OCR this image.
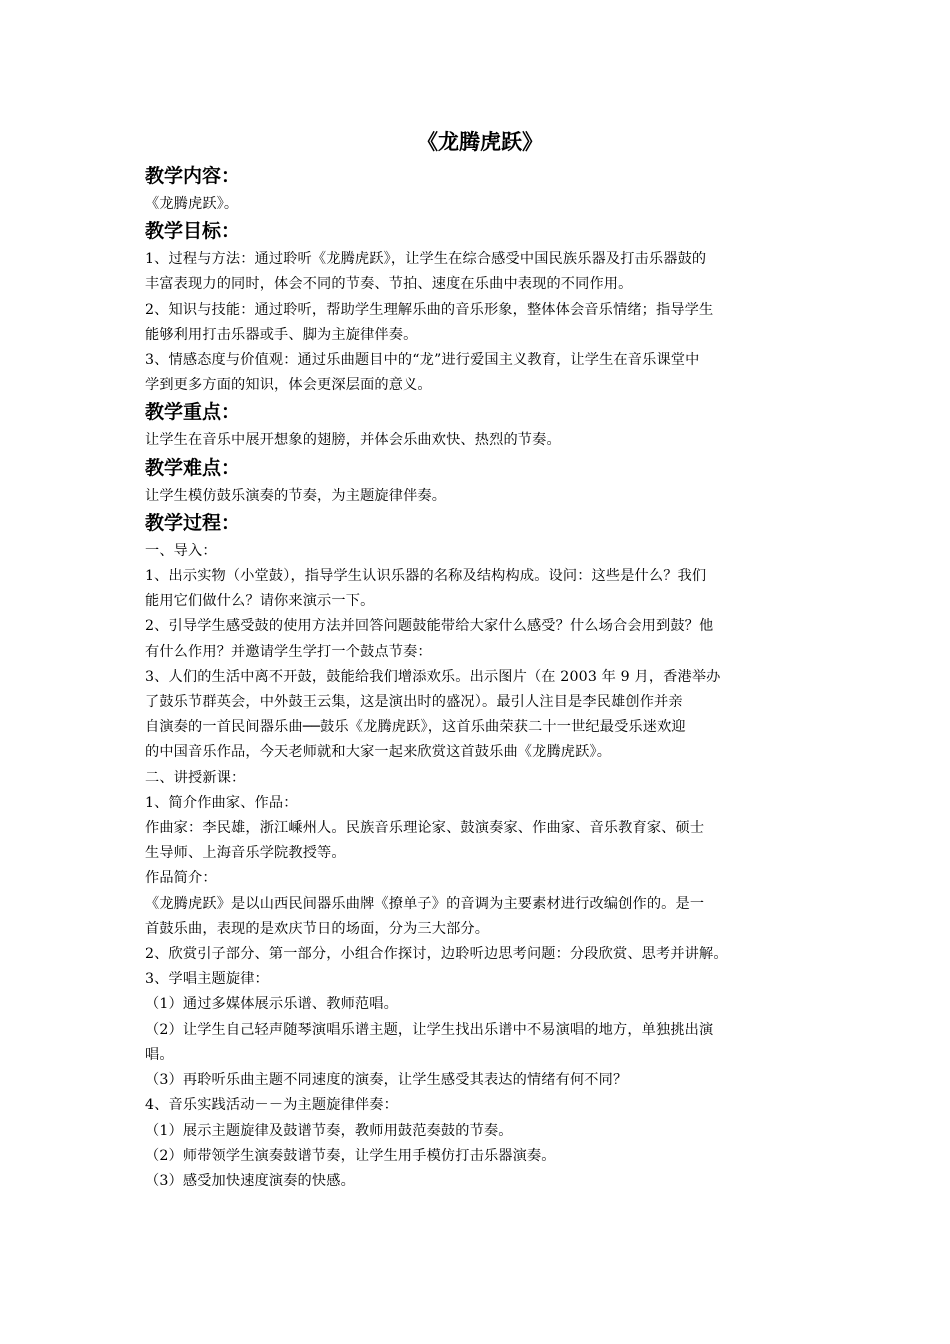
《龙腾虎跃》
教学内容：
《龙腾虎跃》。
教学目标：
1、过程与方法：通过聆听《龙腾虎跃》，让学生在综合感受中国民族乐器及打击乐器鼓的
丰富表现力的同时，体会不同的节奏、节拍、速度在乐曲中表现的不同作用。
2、知识与技能：通过聆听，帮助学生理解乐曲的音乐形象，整体体会音乐情绪；指导学生
能够利用打击乐器或手、脚为主旋律伴奏。
3、情感态度与价值观：通过乐曲题目中的“龙”进行爱国主义教育，让学生在音乐课堂中
学到更多方面的知识，体会更深层面的意义。
教学重点：
让学生在音乐中展开想象的翅膀，并体会乐曲欢快、热烈的节奏。
教学难点：
让学生模仿鼓乐演奏的节奏，为主题旋律伴奏。
教学过程：
一、导入：
1、出示实物（小堂鼓），指导学生认识乐器的名称及结构构成。设问：这些是什么？我们
能用它们做什么？请你来演示一下。
2、引导学生感受鼓的使用方法并回答问题鼓能带给大家什么感受？什么场合会用到鼓？他
有什么作用？并邀请学生学打一个鼓点节奏：
3、人们的生活中离不开鼓，鼓能给我们增添欢乐。出示图片（在 2003 年 9 月，香港举办
了鼓乐节群英会，中外鼓王云集，这是演出时的盛况）。最引人注目是李民雄创作并亲
自演奏的一首民间器乐曲──鼓乐《龙腾虎跃》，这首乐曲荣获二十一世纪最受乐迷欢迎
的中国音乐作品，今天老师就和大家一起来欣赏这首鼓乐曲《龙腾虎跃》。
二、讲授新课：
1、简介作曲家、作品：
作曲家：李民雄，浙江嵊州人。民族音乐理论家、鼓演奏家、作曲家、音乐教育家、硕士
生导师、上海音乐学院教授等。
作品简介：
《龙腾虎跃》是以山西民间器乐曲牌《撩单子》的音调为主要素材进行改编创作的。是一
首鼓乐曲，表现的是欢庆节日的场面，分为三大部分。
2、欣赏引子部分、第一部分，小组合作探讨，边聆听边思考问题：分段欣赏、思考并讲解。
3、学唱主题旋律：
（1）通过多媒体展示乐谱、教师范唱。
（2）让学生自己轻声随琴演唱乐谱主题，让学生找出乐谱中不易演唱的地方，单独挑出演
唱。
（3）再聆听乐曲主题不同速度的演奏，让学生感受其表达的情绪有何不同？
4、音乐实践活动－－为主题旋律伴奏：
（1）展示主题旋律及鼓谱节奏，教师用鼓范奏鼓的节奏。
（2）师带领学生演奏鼓谱节奏，让学生用手模仿打击乐器演奏。
（3）感受加快速度演奏的快感。
